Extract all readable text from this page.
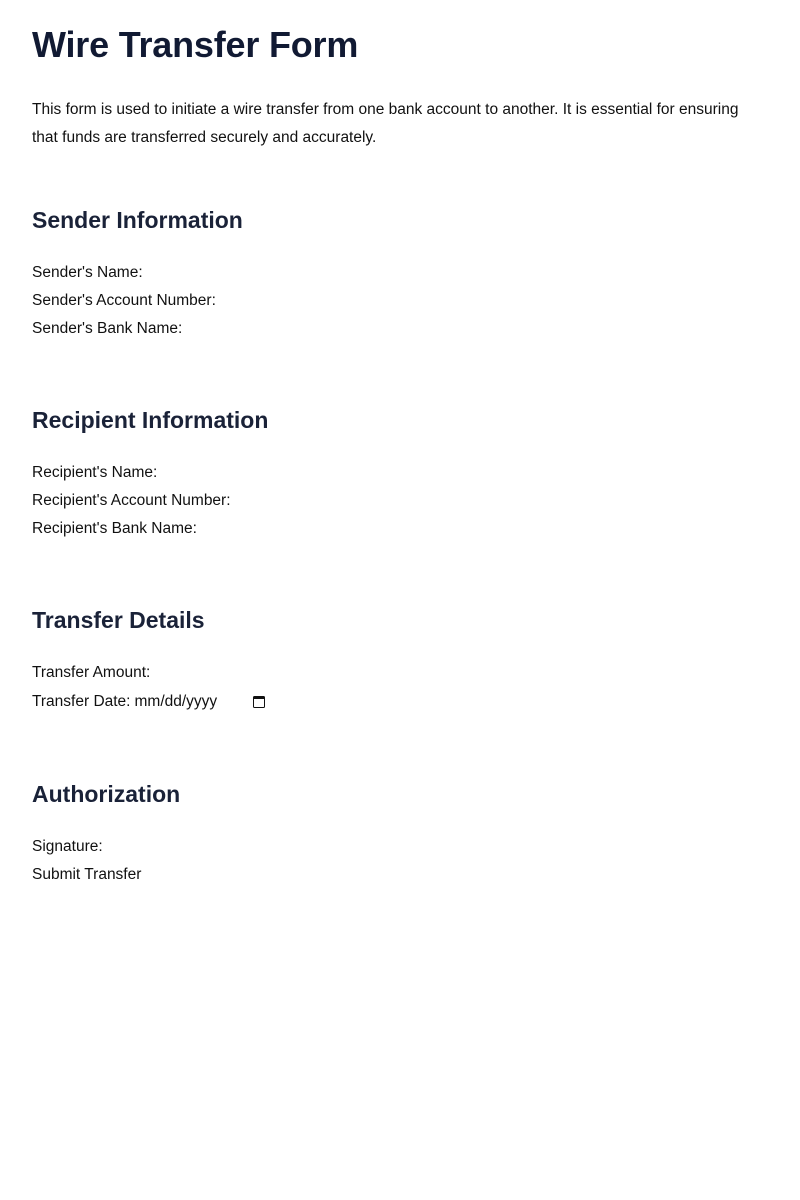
Wire Transfer Form
This form is used to initiate a wire transfer from one bank account to another. It is essential for ensuring that funds are transferred securely and accurately.
Sender Information
Sender's Name:
Sender's Account Number:
Sender's Bank Name:
Recipient Information
Recipient's Name:
Recipient's Account Number:
Recipient's Bank Name:
Transfer Details
Transfer Amount:
Transfer Date: mm/dd/yyyy
Authorization
Signature:
Submit Transfer
